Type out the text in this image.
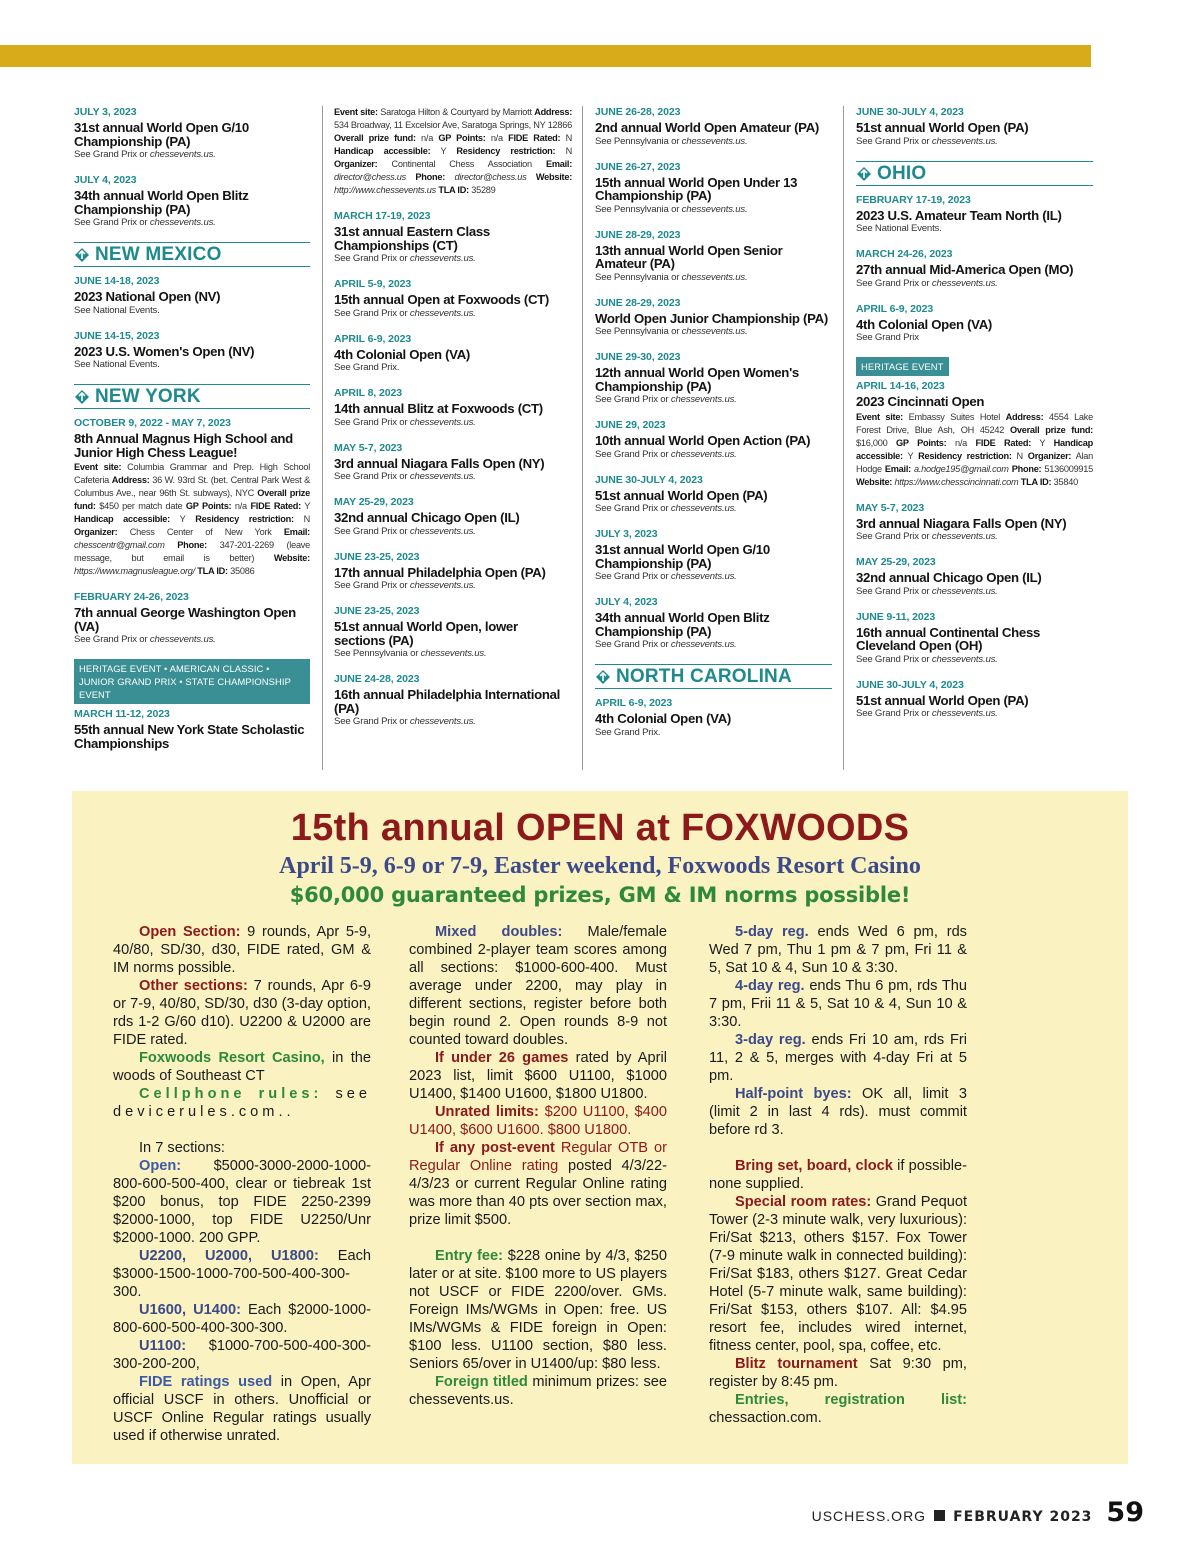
JULY 3, 2023
31st annual World Open G/10 Championship (PA)
See Grand Prix or chessevents.us.
JULY 4, 2023
34th annual World Open Blitz Championship (PA)
See Grand Prix or chessevents.us.
NEW MEXICO
JUNE 14-18, 2023
2023 National Open (NV)
See National Events.
JUNE 14-15, 2023
2023 U.S. Women's Open (NV)
See National Events.
NEW YORK
OCTOBER 9, 2022 - MAY 7, 2023
8th Annual Magnus High School and Junior High Chess League!
Event site: Columbia Grammar and Prep. High School Cafeteria Address: 36 W. 93rd St. (bet. Central Park West & Columbus Ave., near 96th St. subways), NYC Overall prize fund: $450 per match date GP Points: n/a FIDE Rated: Y Handicap accessible: Y Residency restriction: N Organizer: Chess Center of New York Email: chesscentr@gmail.com Phone: 347-201-2269 (leave message, but email is better) Website: https://www.magnusleague.org/ TLA ID: 35086
FEBRUARY 24-26, 2023
7th annual George Washington Open (VA)
See Grand Prix or chessevents.us.
HERITAGE EVENT • AMERICAN CLASSIC • JUNIOR GRAND PRIX • STATE CHAMPIONSHIP EVENT
MARCH 11-12, 2023
55th annual New York State Scholastic Championships
Event site: Saratoga Hilton & Courtyard by Marriott Address: 534 Broadway, 11 Excelsior Ave, Saratoga Springs, NY 12866 Overall prize fund: n/a GP Points: n/a FIDE Rated: N Handicap accessible: Y Residency restriction: N Organizer: Continental Chess Association Email: director@chess.us Phone: director@chess.us Website: http://www.chessevents.us TLA ID: 35289
MARCH 17-19, 2023
31st annual Eastern Class Championships (CT)
See Grand Prix or chessevents.us.
APRIL 5-9, 2023
15th annual Open at Foxwoods (CT)
See Grand Prix or chessevents.us.
APRIL 6-9, 2023
4th Colonial Open (VA)
See Grand Prix.
APRIL 8, 2023
14th annual Blitz at Foxwoods (CT)
See Grand Prix or chessevents.us.
MAY 5-7, 2023
3rd annual Niagara Falls Open (NY)
See Grand Prix or chessevents.us.
MAY 25-29, 2023
32nd annual Chicago Open (IL)
See Grand Prix or chessevents.us.
JUNE 23-25, 2023
17th annual Philadelphia Open (PA)
See Grand Prix or chessevents.us.
JUNE 23-25, 2023
51st annual World Open, lower sections (PA)
See Pennsylvania or chessevents.us.
JUNE 24-28, 2023
16th annual Philadelphia International (PA)
See Grand Prix or chessevents.us.
JUNE 26-28, 2023
2nd annual World Open Amateur (PA)
See Pennsylvania or chessevents.us.
JUNE 26-27, 2023
15th annual World Open Under 13 Championship (PA)
See Pennsylvania or chessevents.us.
JUNE 28-29, 2023
13th annual World Open Senior Amateur (PA)
See Pennsylvania or chessevents.us.
JUNE 28-29, 2023
World Open Junior Championship (PA)
See Pennsylvania or chessevents.us.
JUNE 29-30, 2023
12th annual World Open Women's Championship (PA)
See Grand Prix or chessevents.us.
JUNE 29, 2023
10th annual World Open Action (PA)
See Grand Prix or chessevents.us.
JUNE 30-JULY 4, 2023
51st annual World Open (PA)
See Grand Prix or chessevents.us.
JULY 3, 2023
31st annual World Open G/10 Championship (PA)
See Grand Prix or chessevents.us.
JULY 4, 2023
34th annual World Open Blitz Championship (PA)
See Grand Prix or chessevents.us.
NORTH CAROLINA
APRIL 6-9, 2023
4th Colonial Open (VA)
See Grand Prix.
JUNE 30-JULY 4, 2023
51st annual World Open (PA)
See Grand Prix or chessevents.us.
OHIO
FEBRUARY 17-19, 2023
2023 U.S. Amateur Team North (IL)
See National Events.
MARCH 24-26, 2023
27th annual Mid-America Open (MO)
See Grand Prix or chessevents.us.
APRIL 6-9, 2023
4th Colonial Open (VA)
See Grand Prix
HERITAGE EVENT
APRIL 14-16, 2023
2023 Cincinnati Open
Event site: Embassy Suites Hotel Address: 4554 Lake Forest Drive, Blue Ash, OH 45242 Overall prize fund: $16,000 GP Points: n/a FIDE Rated: Y Handicap accessible: Y Residency restriction: N Organizer: Alan Hodge Email: a.hodge195@gmail.com Phone: 5136009915 Website: https://www.chesscincinnati.com TLA ID: 35840
MAY 5-7, 2023
3rd annual Niagara Falls Open (NY)
See Grand Prix or chessevents.us.
MAY 25-29, 2023
32nd annual Chicago Open (IL)
See Grand Prix or chessevents.us.
JUNE 9-11, 2023
16th annual Continental Chess Cleveland Open (OH)
See Grand Prix or chessevents.us.
JUNE 30-JULY 4, 2023
51st annual World Open (PA)
See Grand Prix or chessevents.us.
15th annual OPEN at FOXWOODS
April 5-9, 6-9 or 7-9, Easter weekend, Foxwoods Resort Casino
$60,000 guaranteed prizes, GM & IM norms possible!

Open Section: 9 rounds, Apr 5-9, 40/80, SD/30, d30, FIDE rated, GM & IM norms possible.

Other sections: 7 rounds, Apr 6-9 or 7-9, 40/80, SD/30, d30 (3-day option, rds 1-2 G/60 d10). U2200 & U2000 are FIDE rated.

Foxwoods Resort Casino, in the woods of Southeast CT

Cellphone rules: see devicerules.com..

In 7 sections:

Open: $5000-3000-2000-1000-800-600-500-400, clear or tiebreak 1st $200 bonus, top FIDE 2250-2399 $2000-1000, top FIDE U2250/Unr $2000-1000. 200 GPP.

U2200, U2000, U1800: Each $3000-1500-1000-700-500-400-300-300.

U1600, U1400: Each $2000-1000-800-600-500-400-300-300.

U1100: $1000-700-500-400-300-300-200-200,

FIDE ratings used in Open, Apr official USCF in others. Unofficial or USCF Online Regular ratings usually used if otherwise unrated.

Mixed doubles: Male/female combined 2-player team scores among all sections: $1000-600-400. Must average under 2200, may play in different sections, register before both begin round 2. Open rounds 8-9 not counted toward doubles.

If under 26 games rated by April 2023 list, limit $600 U1100, $1000 U1400, $1400 U1600, $1800 U1800.

Unrated limits: $200 U1100, $400 U1400, $600 U1600. $800 U1800.

If any post-event Regular OTB or Regular Online rating posted 4/3/22-4/3/23 or current Regular Online rating was more than 40 pts over section max, prize limit $500.

Entry fee: $228 onine by 4/3, $250 later or at site. $100 more to US players not USCF or FIDE 2200/over. GMs. Foreign IMs/WGMs in Open: free. US IMs/WGMs & FIDE foreign in Open: $100 less. U1100 section, $80 less. Seniors 65/over in U1400/up: $80 less.

Foreign titled minimum prizes: see chessevents.us.

5-day reg. ends Wed 6 pm, rds Wed 7 pm, Thu 1 pm & 7 pm, Fri 11 & 5, Sat 10 & 4, Sun 10 & 3:30.

4-day reg. ends Thu 6 pm, rds Thu 7 pm, Frii 11 & 5, Sat 10 & 4, Sun 10 & 3:30.

3-day reg. ends Fri 10 am, rds Fri 11, 2 & 5, merges with 4-day Fri at 5 pm.

Half-point byes: OK all, limit 3 (limit 2 in last 4 rds). must commit before rd 3.

Bring set, board, clock if possible- none supplied.

Special room rates: Grand Pequot Tower (2-3 minute walk, very luxurious): Fri/Sat $213, others $157. Fox Tower (7-9 minute walk in connected building): Fri/Sat $183, others $127. Great Cedar Hotel (5-7 minute walk, same building): Fri/Sat $153, others $107. All: $4.95 resort fee, includes wired internet, fitness center, pool, spa, coffee, etc.

Blitz tournament Sat 9:30 pm, register by 8:45 pm.

Entries, registration list: chessaction.com.

USCHESS.ORG FEBRUARY 2023 59
